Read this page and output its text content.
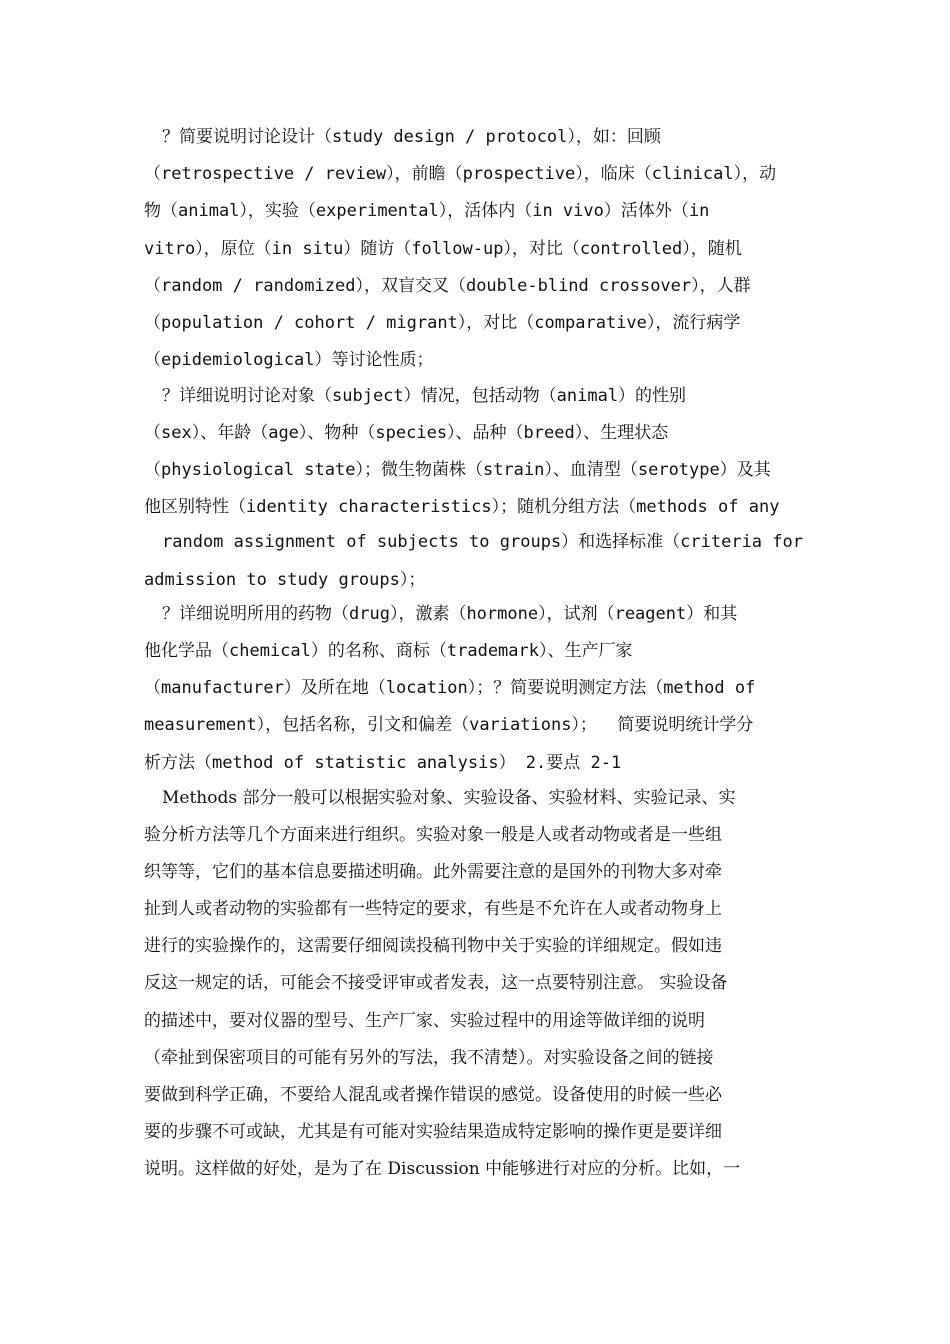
？简要说明讨论设计（study design / protocol），如：回顾
（retrospective / review），前瞻（prospective），临床（clinical），动
物（animal），实验（experimental），活体内（in vivo）活体外（in
vitro），原位（in situ）随访（follow-up），对比（controlled），随机
（random / randomized），双盲交叉（double-blind crossover），人群
（population / cohort / migrant），对比（comparative），流行病学
（epidemiological）等讨论性质；
？详细说明讨论对象（subject）情况，包括动物（animal）的性别
（sex）、年龄（age）、物种（species）、品种（breed）、生理状态
（physiological state）；微生物菌株（strain）、血清型（serotype）及其
他区别特性（identity characteristics）；随机分组方法（methods of any
random assignment of subjects to groups）和选择标准（criteria for
admission to study groups）；
？详细说明所用的药物（drug），激素（hormone），试剂（reagent）和其
他化学品（chemical）的名称、商标（trademark）、生产厂家
（manufacturer）及所在地（location）；？简要说明测定方法（method of
measurement），包括名称，引文和偏差（variations）；  简要说明统计学分
析方法（method of statistic analysis） 2.要点 2-1
Methods 部分一般可以根据实验对象、实验设备、实验材料、实验记录、实
验分析方法等几个方面来进行组织。实验对象一般是人或者动物或者是一些组
织等等，它们的基本信息要描述明确。此外需要注意的是国外的刊物大多对牵
扯到人或者动物的实验都有一些特定的要求，有些是不允许在人或者动物身上
进行的实验操作的，这需要仔细阅读投稿刊物中关于实验的详细规定。假如违
反这一规定的话，可能会不接受评审或者发表，这一点要特别注意。 实验设备
的描述中，要对仪器的型号、生产厂家、实验过程中的用途等做详细的说明
（牵扯到保密项目的可能有另外的写法，我不清楚）。对实验设备之间的链接
要做到科学正确，不要给人混乱或者操作错误的感觉。设备使用的时候一些必
要的步骤不可或缺，尤其是有可能对实验结果造成特定影响的操作更是要详细
说明。这样做的好处，是为了在 Discussion 中能够进行对应的分析。比如，一
